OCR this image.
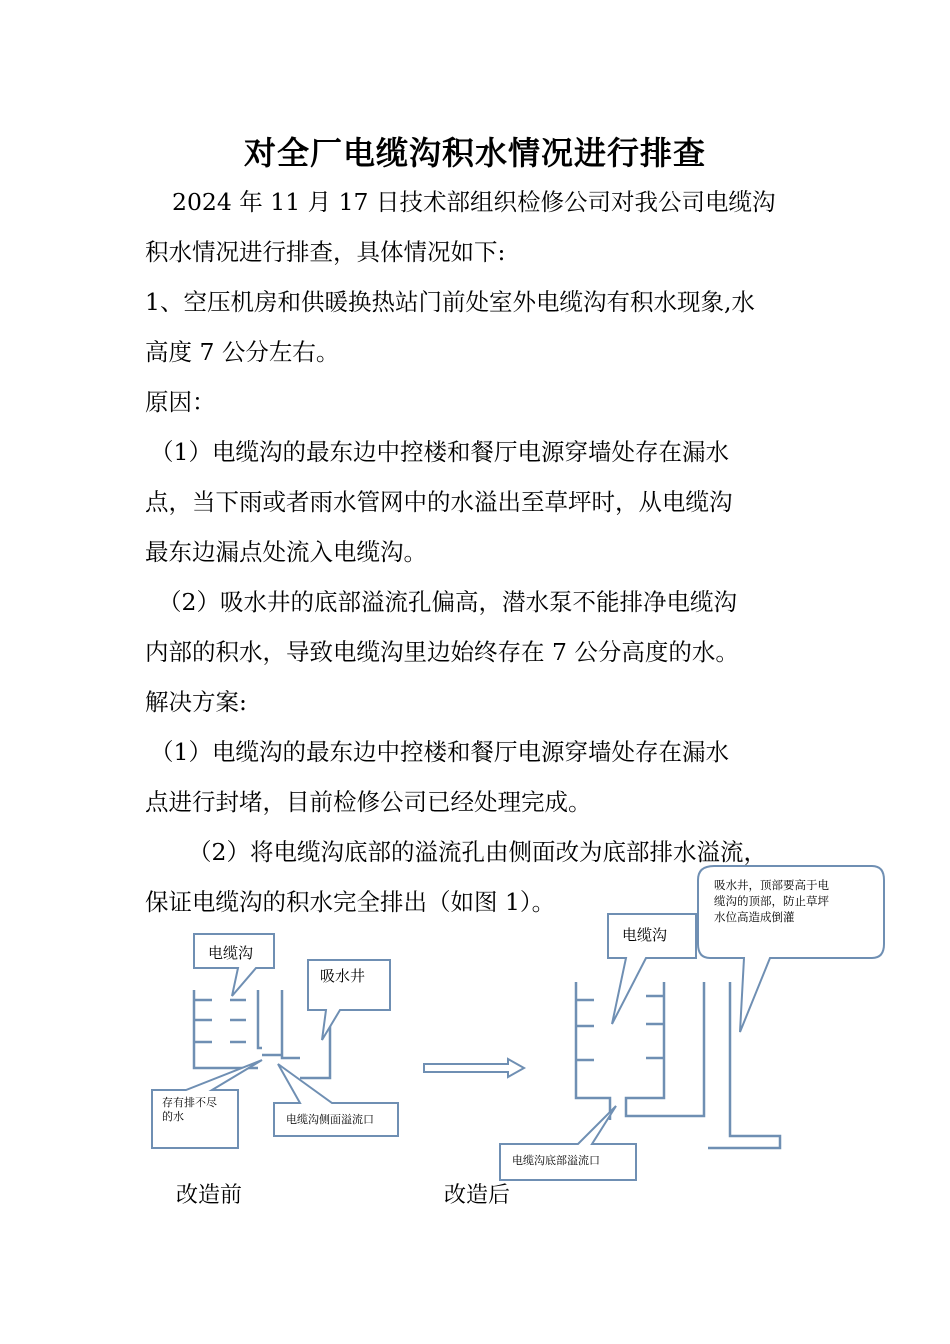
对全厂电缆沟积水情况进行排查
2024 年 11 月 17 日技术部组织检修公司对我公司电缆沟
积水情况进行排查，具体情况如下:
1、空压机房和供暖换热站门前处室外电缆沟有积水现象,水
高度 7 公分左右。
原因：
（1）电缆沟的最东边中控楼和餐厅电源穿墙处存在漏水
点，当下雨或者雨水管网中的水溢出至草坪时，从电缆沟
最东边漏点处流入电缆沟。
（2）吸水井的底部溢流孔偏高，潜水泵不能排净电缆沟
内部的积水，导致电缆沟里边始终存在 7 公分高度的水。
解决方案:
（1）电缆沟的最东边中控楼和餐厅电源穿墙处存在漏水
点进行封堵，目前检修公司已经处理完成。
（2）将电缆沟底部的溢流孔由侧面改为底部排水溢流，
保证电缆沟的积水完全排出（如图 1）。
电缆沟
吸水井
存有排不尽 的水	电缆沟侧面溢流口
电缆沟
吸水井，顶部要高于电 缆沟的顶部，防止草坪 水位高造成倒灌
电缆沟底部溢流口
改造前	改造后
